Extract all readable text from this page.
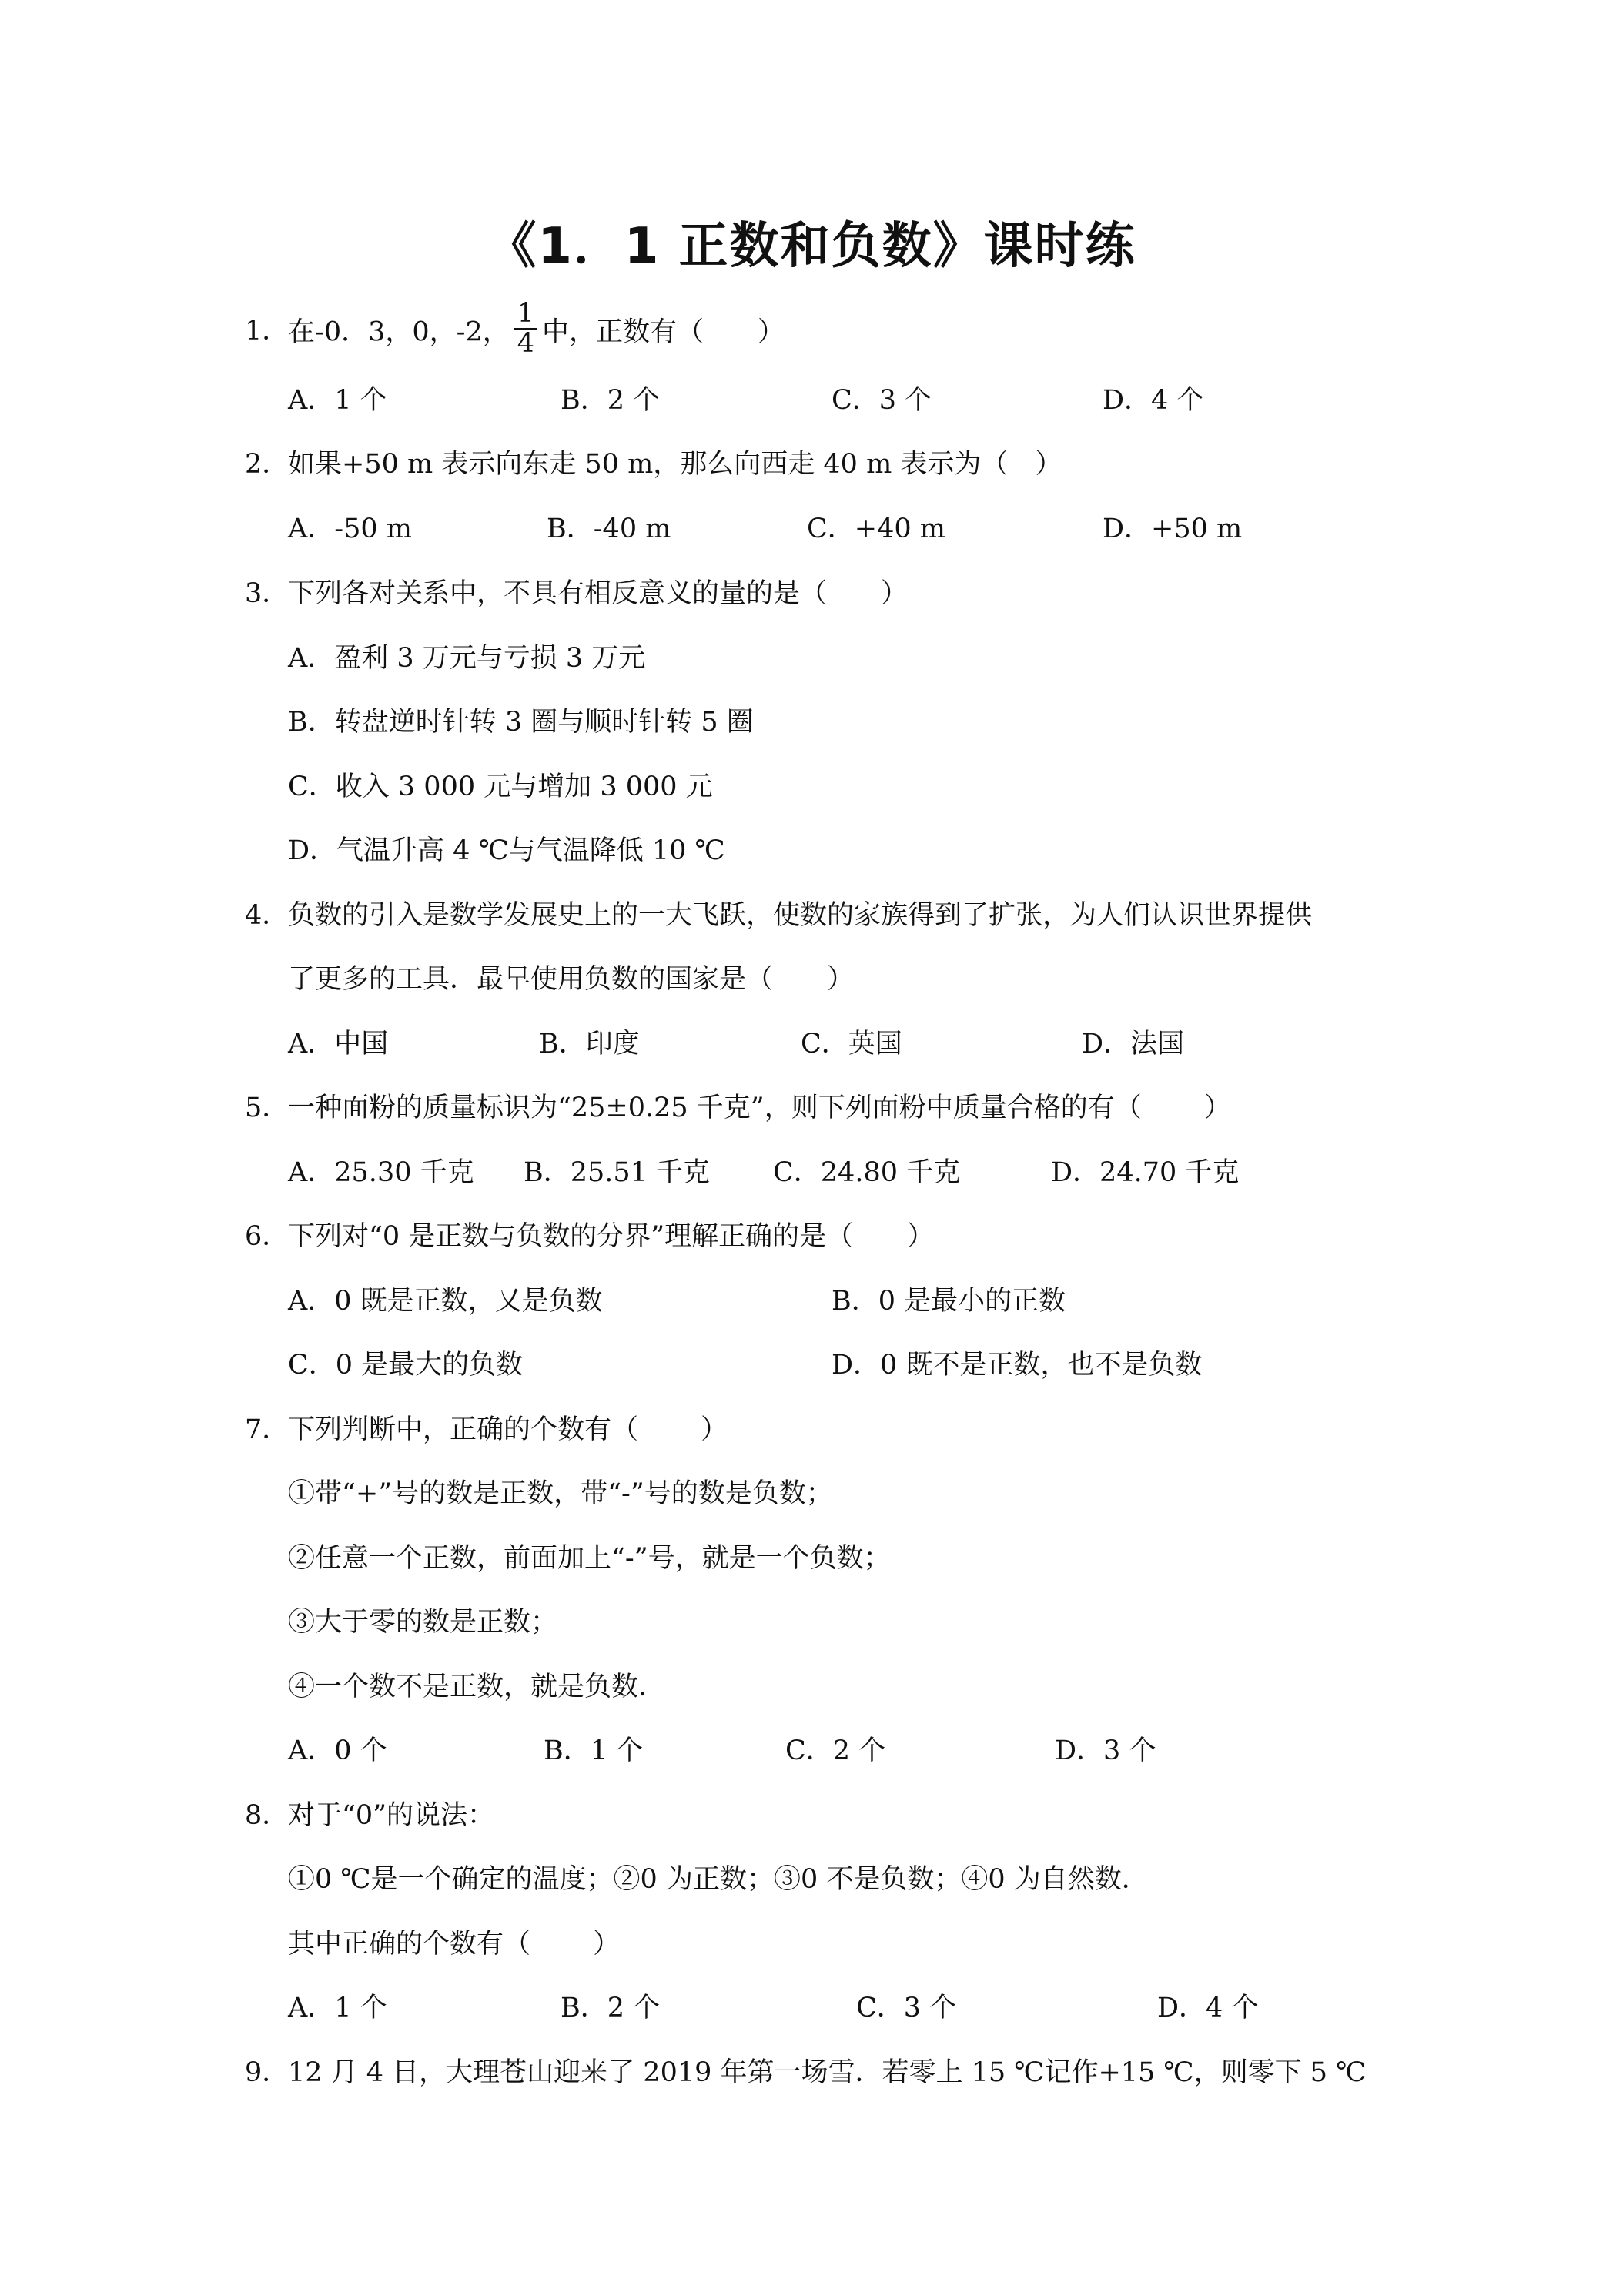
《1．1 正数和负数》课时练
1．
在-0．3，0，-2， $\frac{1}{4}$ 中，正数有（　　）
A．1 个	B．2 个	C．3 个	D．4 个
2．
如果+50 m 表示向东走 50 m，那么向西走 40 m 表示为（　）
A．-50 m	B．-40 m	C．+40 m	D．+50 m
3．
下列各对关系中，不具有相反意义的量的是（　　）
A．盈利 3 万元与亏损 3 万元
B．转盘逆时针转 3 圈与顺时针转 5 圈
C．收入 3 000 元与增加 3 000 元
D．气温升高 4 ℃与气温降低 10 ℃
4．
负数的引入是数学发展史上的一大飞跃，使数的家族得到了扩张，为人们认识世界提供
了更多的工具．最早使用负数的国家是（　　）
A．中国	B．印度	C．英国	D．法国
5．
一种面粉的质量标识为“25±0.25 千克”，则下列面粉中质量合格的有（　　 ）
A．25.30 千克 B．25.51 千克 C．24.80 千克	D．24.70 千克
6．
下列对“0 是正数与负数的分界”理解正确的是（　　）
A．0 既是正数，又是负数	B．0 是最小的正数
C．0 是最大的负数	D．0 既不是正数，也不是负数
7．
下列判断中，正确的个数有（　　 ）
①带“+”号的数是正数，带“-”号的数是负数；
②任意一个正数，前面加上“-”号，就是一个负数；
③大于零的数是正数；
④一个数不是正数，就是负数．
A．0 个	B．1 个	C．2 个	D．3 个
8．
对于“0”的说法：
①0 ℃是一个确定的温度；②0 为正数；③0 不是负数；④0 为自然数．
其中正确的个数有（　　 ）
A．1 个	B．2 个	C．3 个	D．4 个
9．
12 月 4 日，大理苍山迎来了 2019 年第一场雪．若零上 15 ℃记作+15 ℃，则零下 5 ℃
